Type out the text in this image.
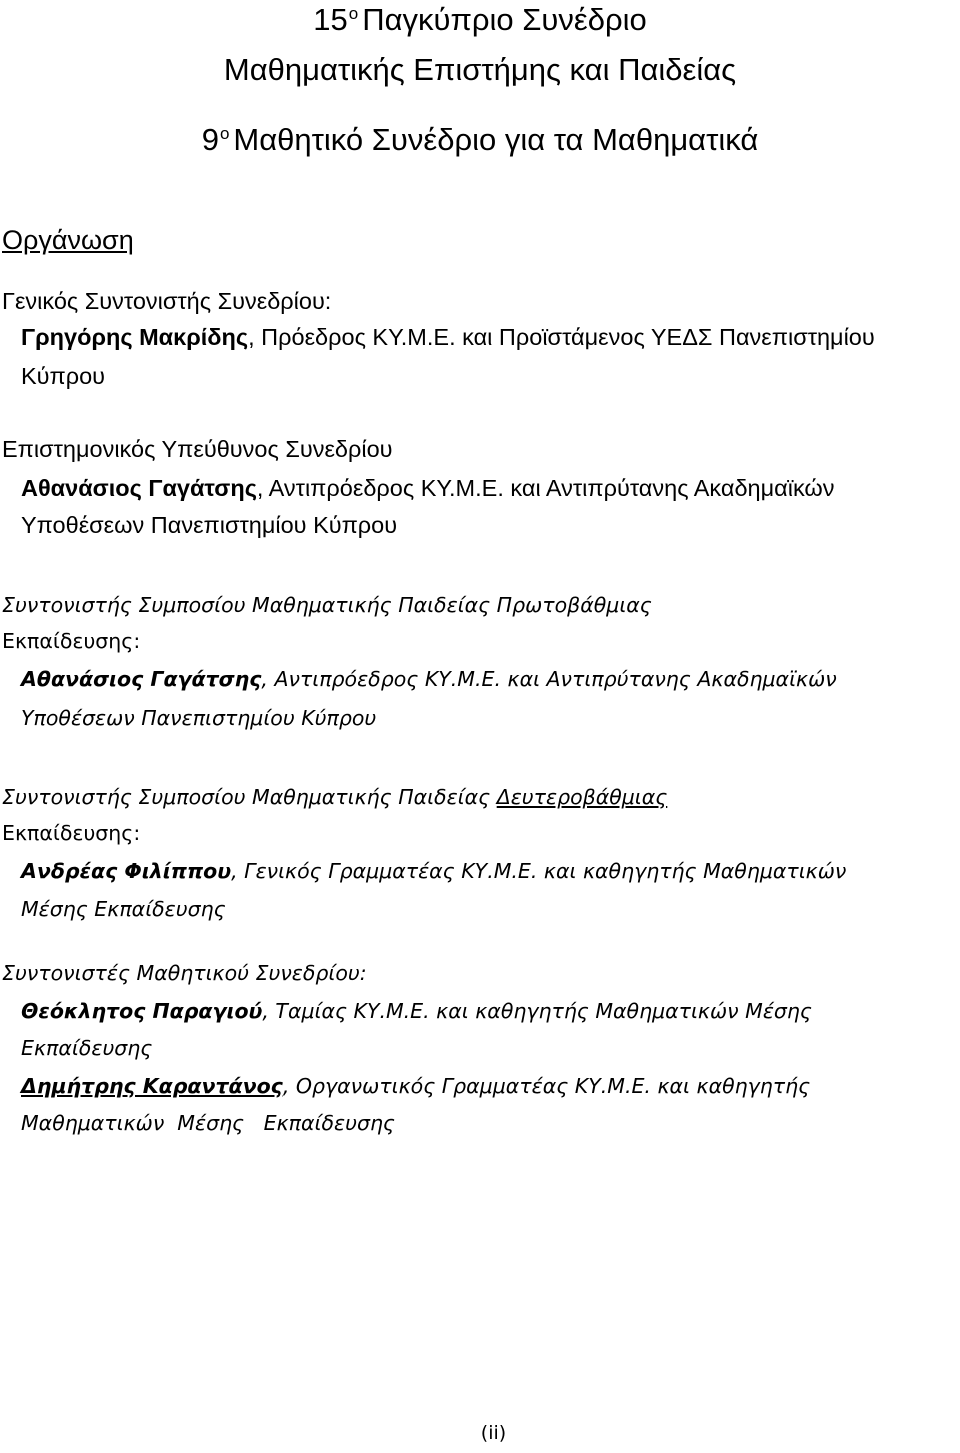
$15^o$ Παγκύπριο Συνέδριο
Μαθηματικής Επιστήμης και Παιδείας
$9^o$ Μαθητικό Συνέδριο για τα Μαθηματικά
Οργάνωση
Γενικός Συντονιστής Συνεδρίου:
Γρηγόρης Μακρίδης, Πρόεδρος ΚΥ.Μ.Ε. και Προϊστάμενος ΥΕΔΣ Πανεπιστημίου
Κύπρου
Επιστημονικός Υπεύθυνος Συνεδρίου
Αθανάσιος Γαγάτσης, Αντιπρόεδρος ΚΥ.Μ.Ε. και Αντιπρύτανης Ακαδημαϊκών
Υποθέσεων Πανεπιστημίου Κύπρου
Συντονιστής Συμποσίου Μαθηματικής Παιδείας Πρωτοβάθμιας
Εκπαίδευσης:
Αθανάσιος Γαγάτσης, Αντιπρόεδρος ΚΥ.Μ.Ε. και Αντιπρύτανης Ακαδημαϊκών
Υποθέσεων Πανεπιστημίου Κύπρου
Συντονιστής Συμποσίου Μαθηματικής Παιδείας Δευτεροβάθμιας
Εκπαίδευσης:
Ανδρέας Φιλίππου, Γενικός Γραμματέας ΚΥ.Μ.Ε. και καθηγητής Μαθηματικών
Μέσης Εκπαίδευσης
Συντονιστές Μαθητικού Συνεδρίου:
Θεόκλητος Παραγιού, Ταμίας ΚΥ.Μ.Ε. και καθηγητής Μαθηματικών Μέσης
Εκπαίδευσης
Δημήτρης Καραντάνος, Οργανωτικός Γραμματέας ΚΥ.Μ.Ε. και καθηγητής
Μαθηματικών  Μέσης   Εκπαίδευσης
(ii)
